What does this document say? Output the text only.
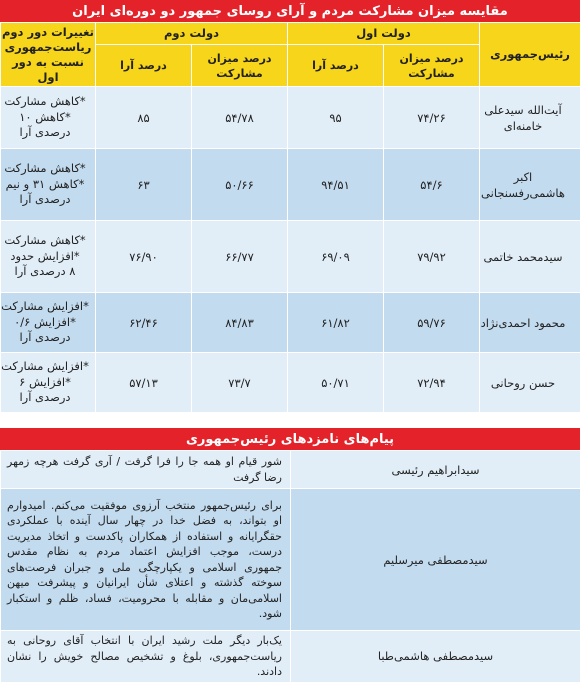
مقایسه میزان مشارکت مردم و آرای روسای جمهور دو دوره‌ای ایران
رئیس‌جمهوری	دولت اول		دولت دوم		تغییرات دور دوم ریاست‌جمهوری نسبت به دور اول
	درصد میزان مشارکت	درصد آرا	درصد میزان مشارکت	درصد آرا	
آیت‌الله سیدعلی خامنه‌ای	۷۴/۲۶	۹۵	۵۴/۷۸	۸۵	*کاهش مشارکت
*کاهش ۱۰
درصدی آرا

اکبر هاشمی‌رفسنجانی	۵۴/۶	۹۴/۵۱	۵۰/۶۶	۶۳	*کاهش مشارکت
*کاهش ۳۱ و نیم
درصدی آرا

سیدمحمد خاتمی	۷۹/۹۲	۶۹/۰۹	۶۶/۷۷	۷۶/۹۰	*کاهش مشارکت
*افزایش حدود
۸ درصدی آرا

محمود احمدی‌نژاد	۵۹/۷۶	۶۱/۸۲	۸۴/۸۳	۶۲/۴۶	*افزایش مشارکت
*افزایش ۰/۶
درصدی آرا

حسن روحانی	۷۲/۹۴	۵۰/۷۱	۷۳/۷	۵۷/۱۳	*افزایش مشارکت
*افزایش ۶
درصدی آرا
پیام‌های نامزدهای رئیس‌جمهوری
سیدابراهیم رئیسی	شور قیام او همه جا را فرا گرفت / آری گرفت هرچه زمهر رضا گرفت
سیدمصطفی میرسلیم	برای رئیس‌جمهور منتخب آرزوی موفقیت می‌کنم. امیدوارم او بتواند، به فضل خدا در چهار سال آینده با عملکردی حقگرایانه و استفاده از همکاران پاکدست و اتخاذ مدیریت درست، موجب افزایش اعتماد مردم به نظام مقدس جمهوری اسلامی و یکپارچگی ملی و جبران فرصت‌های سوخته گذشته و اعتلای شأن ایرانیان و پیشرفت میهن اسلامی‌مان و مقابله با محرومیت، فساد، ظلم و استکبار شود.
سیدمصطفی هاشمی‌طبا	یک‌بار دیگر ملت رشید ایران با انتخاب آقای روحانی به ریاست‌جمهوری، بلوغ و تشخیص مصالح خویش را نشان دادند.
